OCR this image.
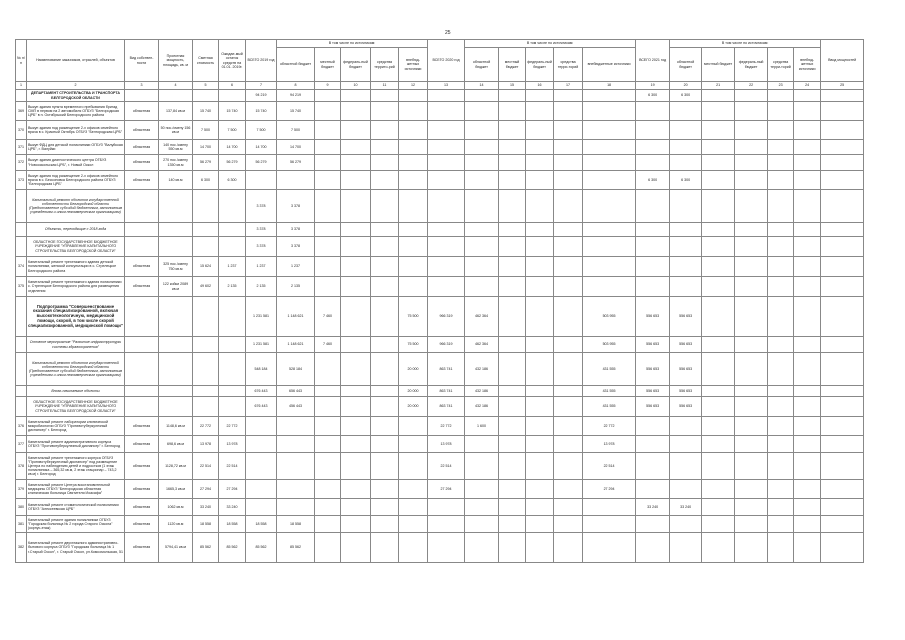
25
№ п/п	Наименование заказчиков, отраслей, объектов	Вид собствен-ности	Проектная мощность, площадь, кв. м	Сметная стоимость	Ожидае-мый остаток средств на 01.01. 2019г.	ВСЕГО 2019 год	В том числе по источникам:					ВСЕГО 2020 год	В том числе по источникам:					ВСЕГО 2021 год	В том числе по источникам:					Ввод мощностей	
							областной бюджет	местный бюджет	федераль-ный бюджет	средства террито-рий	внебюд-жетных источники		областной бюджет	местный бюджет	федераль-ный бюджет	средства терри-торий	внебюджетные источники		областной бюджет	местный бюджет	федераль-ный бюджет	средства терри-торий	внебюд-жетных источники		
1	2	3	4	5	6	7	8	9	10	11	12	13	14	15	16	17	18	19	20	21	22	23	24	25	
	ДЕПАРТАМЕНТ СТРОИТЕЛЬСТВА И ТРАНСПОРТА БЕЛГОРОДСКОЙ ОБЛАСТИ					94 219	94 219											6 300	6 300						
369	Выкуп здания пункта временного пребывания бригад СМП в первом на 2 автомобиля ОГБУЗ "Белгородская ЦРБ" в п. Октябрьский Белгородского района	областная	137,84 кв.м	15 740	15 740	15 740	15 740																		
370	Выкуп здания под размещение 2-х офисов семейного врача в с. Красный Октябрь ОГБУЗ "Белгородская ЦРБ"	областная	50 пос./смену 156 кв.м	7 500	7 500	7 500	7 500																		
371	Выкуп ФДЦ для детской поликлиники ОГБУЗ "Валуйская ЦРБ", г. Валуйки	областная	140 пос./смену 550 кв.м	14 700	14 700	14 700	14 700																		
372	Выкуп здания диагностического центра ОГБУЗ "Новооскольская ЦРБ", г. Новый Оскол	областная	270 пос./смену 1350 кв.м	56 279	56 279	56 279	56 279																		
373	Выкуп здания под размещение 2-х офисов семейного врача в с. Бессоновка Белгородского района ОГБУЗ "Белгородская ЦРБ"	областная	140 кв.м	6 300	6 300													6 300	6 300						
	Капитальный ремонт объектов государственной собственности Белгородской области (Предоставление субсидий бюджетным, автономным учреждениям и иным некоммерческим организациям)					3 378	3 378																		
	Объекты, переходящие с 2018 года					3 378	3 378																		
	ОБЛАСТНОЕ ГОСУДАРСТВЕННОЕ БЮДЖЕТНОЕ УЧРЕЖДЕНИЕ "УПРАВЛЕНИЕ КАПИТАЛЬНОГО СТРОИТЕЛЬСТВА БЕЛГОРОДСКОЙ ОБЛАСТИ"					3 378	3 378																		
374	Капитальный ремонт трехэтажного здания детской поликлиники, женской консультации в с. Стрелецкое Белгородского района	областная	325 пос./смену 750 кв.м	15 624	1 237	1 237	1 237																		
375	Капитальный ремонт трехэтажного здания поликлиники с. Стрелецкое Белгородского района для размещения отделения	областная	122 койки 2089 кв.м	49 602	2 135	2 135	2 135																		
	Подпрограмма "Совершенствование оказания специализированной, включая высокотехнологичную, медицинской помощи, скорой, в том числе скорой специализированной, медицинской помощи"					1 231 581	1 148 621	7 460			75 500	966 319	462 364				503 955	556 653	556 653						
	Основное мероприятие "Развитие инфраструктуры системы здравоохранения"					1 231 581	1 148 621	7 460			75 500	966 319	462 364				503 955	556 653	556 653						
	Капитальный ремонт объектов государственной собственности Белгородской области (Предоставление субсидий бюджетным, автономным учреждениям и иным некоммерческим организациям)					548 184	528 184				20 000	863 741	432 186				431 555	556 653	556 653						
	Вновь начинаемые объекты					676 443	656 443				20 000	863 741	432 186				431 555	556 653	556 653						
	ОБЛАСТНОЕ ГОСУДАРСТВЕННОЕ БЮДЖЕТНОЕ УЧРЕЖДЕНИЕ "УПРАВЛЕНИЕ КАПИТАЛЬНОГО СТРОИТЕЛЬСТВА БЕЛГОРОДСКОЙ ОБЛАСТИ"					676 443	456 443				20 000	863 741	432 186				431 555	556 653	556 653						
376	Капитальный ремонт лаборатории клинической микробиологии ОГБУЗ "Противотуберкулезный диспансер" г. Белгород	областная	1148,6 кв.м	22 772	22 772							22 772	1 600				22 772								
377	Капитальный ремонт административного корпуса ОГБУЗ "Противотуберкулезный диспансер" г. Белгород	областная	698,6 кв.м	13 978	13 978							13 978					13 978								
378	Капитальный ремонт трехэтажного корпуса ОГБУЗ "Противотуберкулезный диспансер" под размещение Центра по наблюдению детей и подростков (1 этаж поликлиника – 365,32 кв.м, 2 этаж стационар – 743,2 кв.м) г. Белгород	областная	1128,72 кв.м	22 514	22 514							22 514					22 514								
379	Капитальный ремонт Центра восстановительной медицины ОГБУЗ "Белгородская областная клиническая больница Святителя Иоасафа"	областная	1665,3 кв.м	27 294	27 294							27 294					27 294								
380	Капитальный ремонт стоматологической поликлиники ОГБУЗ "Алексеевская ЦРБ"	областная	1062 кв.м	33 240	33 240													33 240	33 240						
381	Капитальный ремонт здания поликлиники ОГБУЗ "Городская больница № 2 города Старого Оскола" (корпус-этаж)	областная	1120 кв.м	18 558	18 558	18 558	18 558																		
382	Капитальный ремонт двухэтажного административно-бытового корпуса ОГБУЗ "Городская больница № 1 г.Старый Оскол", г. Старый Оскол, ул.Комсомольская, 51	областная	5794,41 кв.м	85 562	85 562	85 562	85 562																		
